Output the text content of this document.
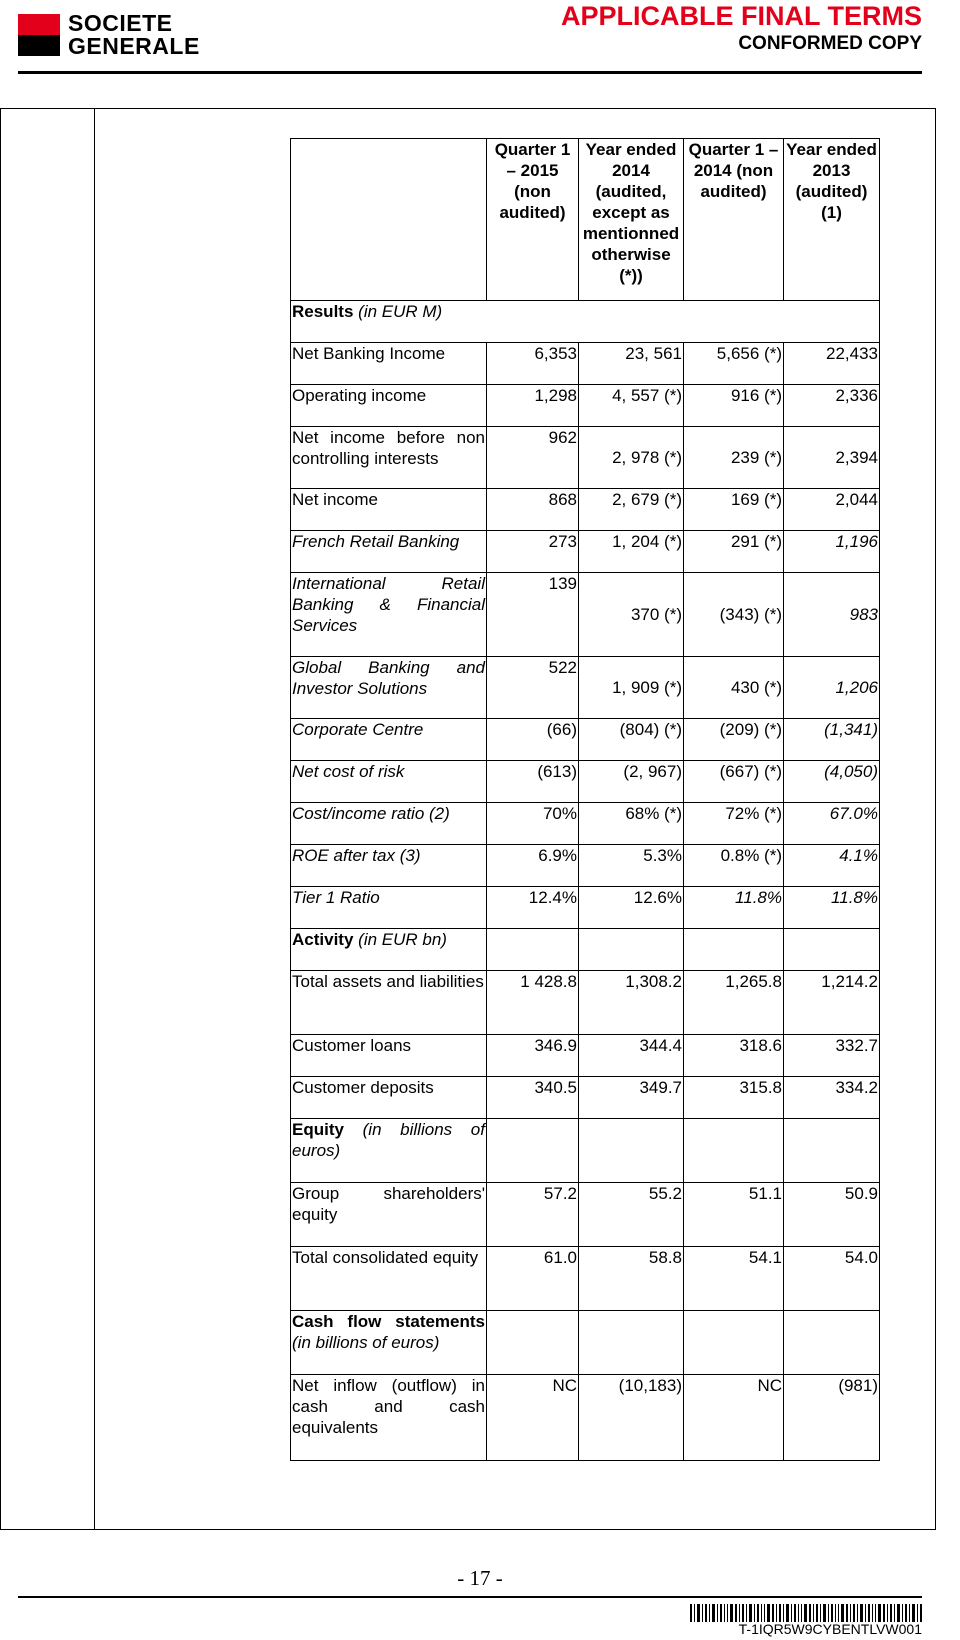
SOCIETE
GENERALE
APPLICABLE FINAL TERMS
CONFORMED COPY
	Quarter 1 – 2015 (non audited)	Year ended 2014 (audited, except as mentionned otherwise (*))	Quarter 1 – 2014 (non audited)	Year ended 2013 (audited) (1)
Results (in EUR M)				
Net Banking Income	6,353	23, 561	5,656 (*)	22,433
Operating income	1,298	4, 557 (*)	916 (*)	2,336
Net income before non controlling interests	962	2, 978 (*)	239 (*)	2,394
Net income	868	2, 679 (*)	169 (*)	2,044
French Retail Banking	273	1, 204 (*)	291 (*)	1,196
International Retail Banking & Financial Services	139	370 (*)	(343) (*)	983
Global Banking and Investor Solutions	522	1, 909 (*)	430 (*)	1,206
Corporate Centre	(66)	(804) (*)	(209) (*)	(1,341)
Net cost of risk	(613)	(2, 967)	(667) (*)	(4,050)
Cost/income ratio (2)	70%	68% (*)	72% (*)	67.0%
ROE after tax (3)	6.9%	5.3%	0.8% (*)	4.1%
Tier 1 Ratio	12.4%	12.6%	11.8%	11.8%
Activity (in EUR bn)				
Total assets and liabilities	1 428.8	1,308.2	1,265.8	1,214.2
Customer loans	346.9	344.4	318.6	332.7
Customer deposits	340.5	349.7	315.8	334.2
Equity (in billions of euros)				
Group shareholders' equity	57.2	55.2	51.1	50.9
Total consolidated equity	61.0	58.8	54.1	54.0
Cash flow statements (in billions of euros)				
Net inflow (outflow) in cash and cash equivalents	NC	(10,183)	NC	(981)
- 17 -
T-1IQR5W9CYBENTLVW001
